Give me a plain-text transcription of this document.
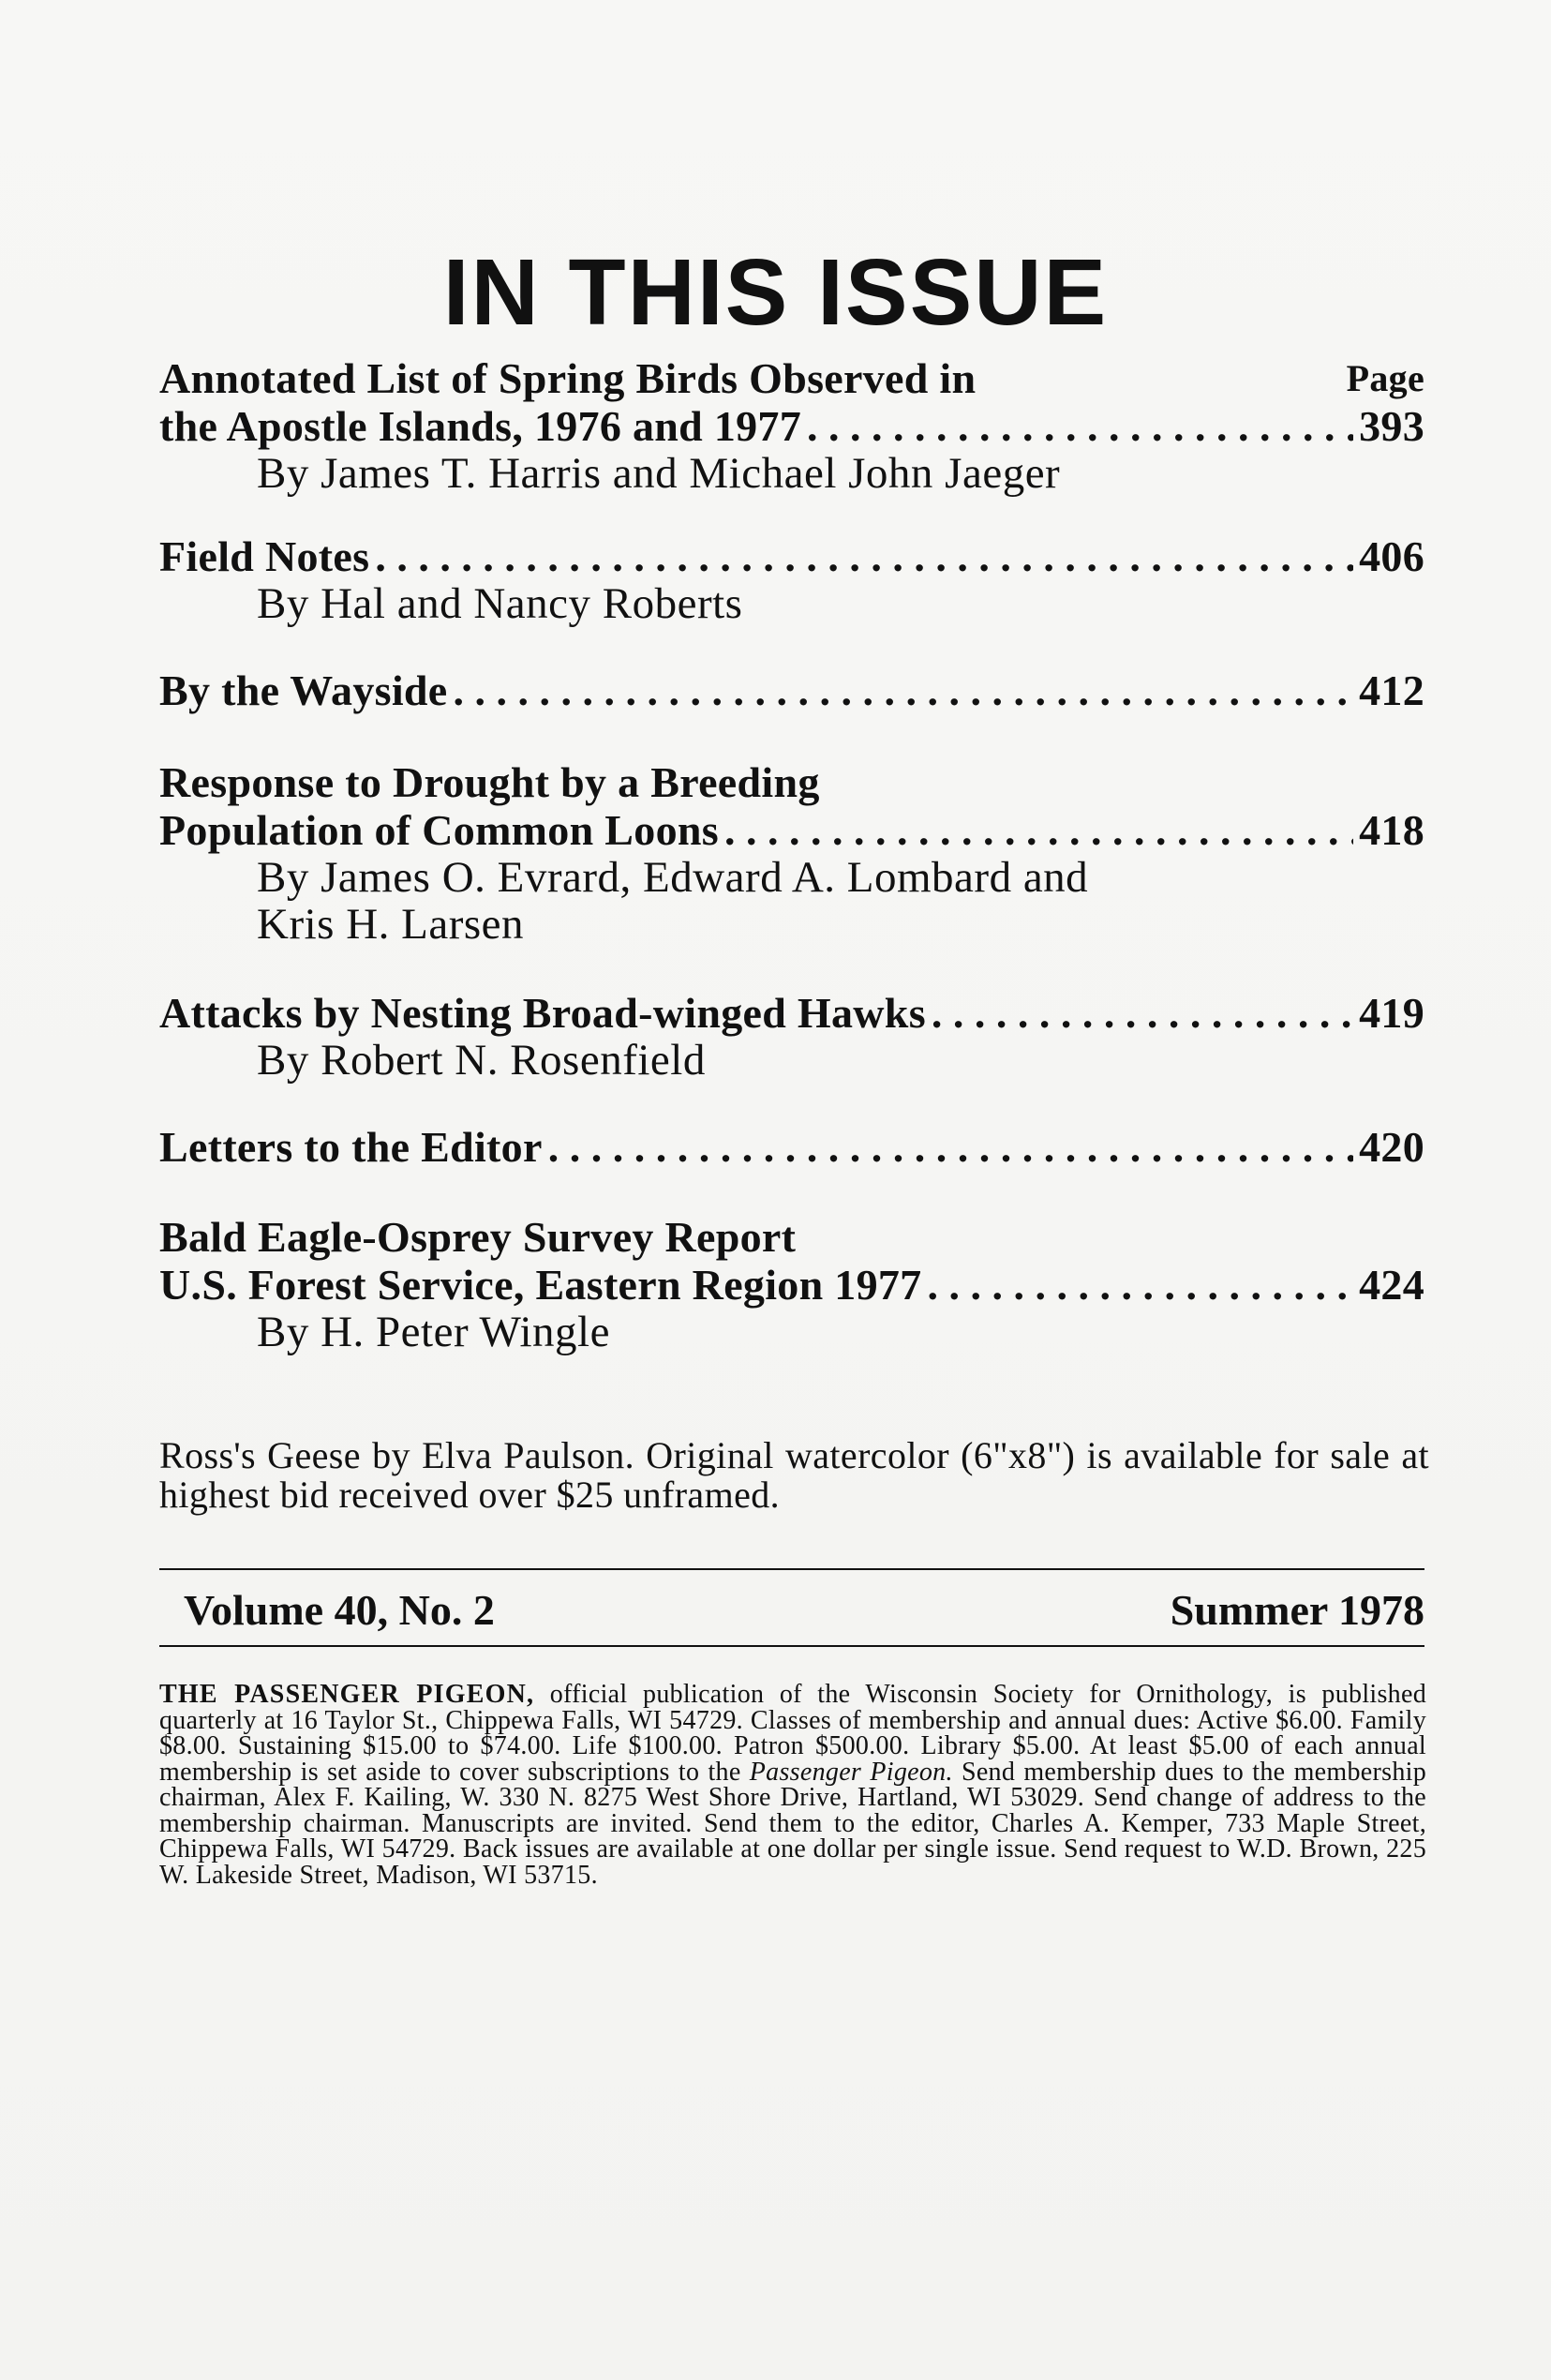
IN THIS ISSUE
Annotated List of Spring Birds Observed in	Page
the Apostle Islands, 1976 and 1977 . . .	393
By James T. Harris and Michael John Jaeger
Field Notes . . .	406
By Hal and Nancy Roberts
By the Wayside . . .	412
Response to Drought by a Breeding
Population of Common Loons . . .	418
By James O. Evrard, Edward A. Lombard and
Kris H. Larsen
Attacks by Nesting Broad-winged Hawks . . .	419
By Robert N. Rosenfield
Letters to the Editor . . .	420
Bald Eagle-Osprey Survey Report
U.S. Forest Service, Eastern Region 1977 . . .	424
By H. Peter Wingle
Ross's Geese by Elva Paulson. Original watercolor (6"x8") is available for sale at highest bid received over $25 unframed.
Volume 40, No. 2	Summer 1978
THE PASSENGER PIGEON, official publication of the Wisconsin Society for Ornithology, is published quarterly at 16 Taylor St., Chippewa Falls, WI 54729. Classes of membership and annual dues: Active $6.00. Family $8.00. Sustaining $15.00 to $74.00. Life $100.00. Patron $500.00. Library $5.00. At least $5.00 of each annual membership is set aside to cover subscriptions to the Passenger Pigeon. Send membership dues to the membership chairman, Alex F. Kailing, W. 330 N. 8275 West Shore Drive, Hartland, WI 53029. Send change of address to the membership chairman. Manuscripts are invited. Send them to the editor, Charles A. Kemper, 733 Maple Street, Chippewa Falls, WI 54729. Back issues are available at one dollar per single issue. Send request to W.D. Brown, 225 W. Lakeside Street, Madison, WI 53715.
